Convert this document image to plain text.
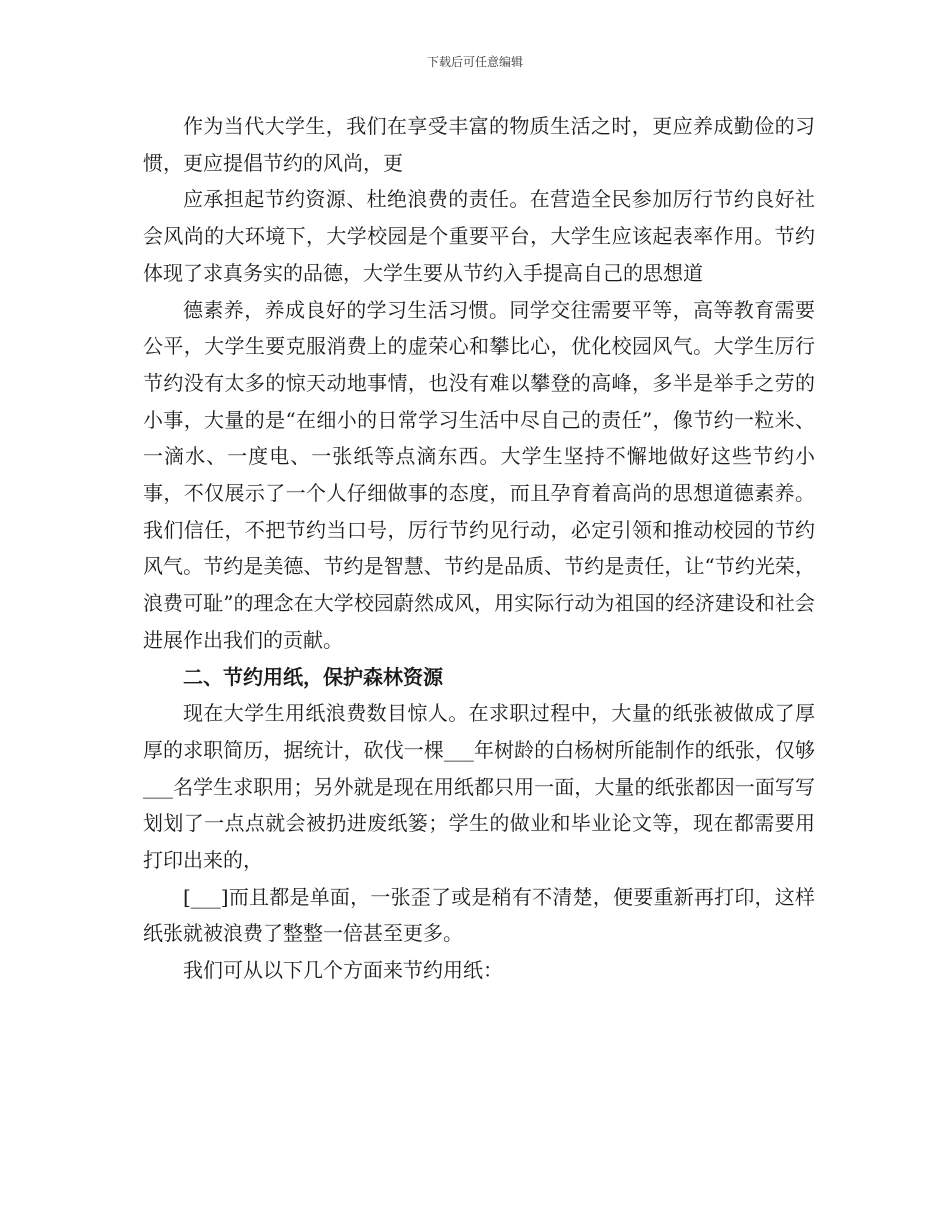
下载后可任意编辑

作为当代大学生，我们在享受丰富的物质生活之时，更应养成勤俭的习惯，更应提倡节约的风尚，更

应承担起节约资源、杜绝浪费的责任。在营造全民参加厉行节约良好社会风尚的大环境下，大学校园是个重要平台，大学生应该起表率作用。节约体现了求真务实的品德，大学生要从节约入手提高自己的思想道

德素养，养成良好的学习生活习惯。同学交往需要平等，高等教育需要公平，大学生要克服消费上的虚荣心和攀比心，优化校园风气。大学生厉行节约没有太多的惊天动地事情，也没有难以攀登的高峰，多半是举手之劳的小事，大量的是“在细小的日常学习生活中尽自己的责任”，像节约一粒米、一滴水、一度电、一张纸等点滴东西。大学生坚持不懈地做好这些节约小事，不仅展示了一个人仔细做事的态度，而且孕育着高尚的思想道德素养。我们信任，不把节约当口号，厉行节约见行动，必定引领和推动校园的节约风气。节约是美德、节约是智慧、节约是品质、节约是责任，让“节约光荣，浪费可耻”的理念在大学校园蔚然成风，用实际行动为祖国的经济建设和社会进展作出我们的贡献。

二、节约用纸，保护森林资源

现在大学生用纸浪费数目惊人。在求职过程中，大量的纸张被做成了厚厚的求职简历，据统计，砍伐一棵___年树龄的白杨树所能制作的纸张，仅够___名学生求职用；另外就是现在用纸都只用一面，大量的纸张都因一面写写划划了一点点就会被扔进废纸篓；学生的做业和毕业论文等，现在都需要用打印出来的，

[___]而且都是单面，一张歪了或是稍有不清楚，便要重新再打印，这样纸张就被浪费了整整一倍甚至更多。

我们可从以下几个方面来节约用纸：
